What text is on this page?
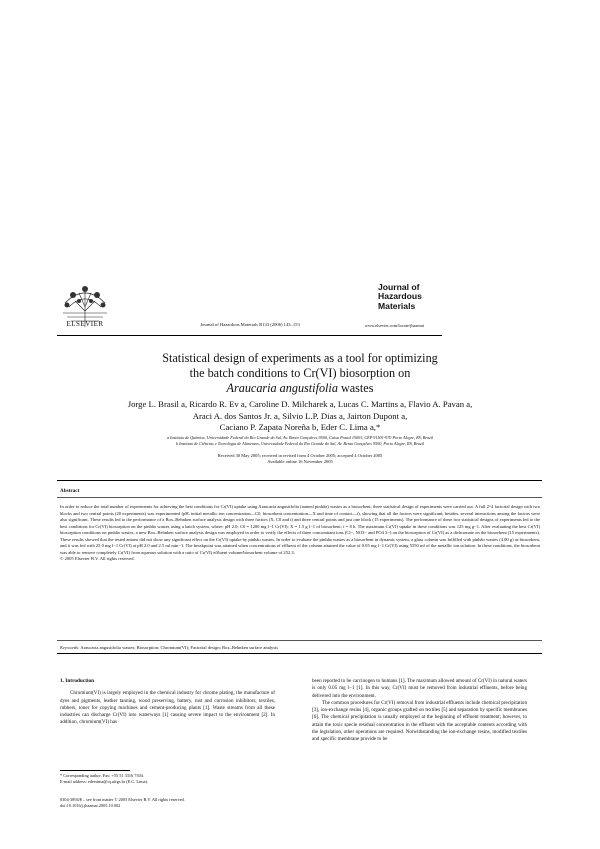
ELSEVIER	Journal of Hazardous Materials B133 (2006) 143–153
Journal of
Hazardous
Materials
www.elsevier.com/locate/jhazmat
Statistical design of experiments as a tool for optimizing
the batch conditions to Cr(VI) biosorption on
Araucaria angustifolia wastes
Jorge L. Brasil a, Ricardo R. Ev a, Caroline D. Milcharek a, Lucas C. Martins a, Flavio A. Pavan a,
Araci A. dos Santos Jr. a, Silvio L.P. Dias a, Jairton Dupont a,
Caciano P. Zapata Noreña b, Eder C. Lima a,*
a Instituto de Química, Universidade Federal do Rio Grande do Sul, Av. Bento Gonçalves 9500, Caixa Postal 15003, CEP 91501-970 Porto Alegre, RS, Brazil
b Instituto de Ciências e Tecnologia de Alimentos, Universidade Federal do Rio Grande do Sul, Av. Bento Gonçalves 9500, Porto Alegre, RS, Brazil
Received 30 May 2005; received in revised form 4 October 2005; accepted 4 October 2005
Available online 16 November 2005
Abstract
In order to reduce the total number of experiments for achieving the best conditions for Cr(VI) uptake using Araucaria angustifolia (named pinhão) wastes as a biosorbent, three statistical design of experiments were carried out. A full 2^4 factorial design with two blocks and two central points (20 experiments) was experimented (pH, initial metallic ion concentration—C0, biosorbent concentration—X and time of contact—t), showing that all the factors were significant; besides, several interactions among the factors were also significant. These results led to the performance of a Box–Behnken surface analysis design with three factors (X, C0 and t) and three central points and just one block (15 experiments). The performance of these two statistical designs of experiments led to the best conditions for Cr(VI) biosorption on the pinhão wastes using a batch system, where: pH 2.0; C0 = 1200 mg l−1 Cr(VI); X = 1.5 g l−1 of biosorbent; t = 8 h. The maximum Cr(VI) uptake in these conditions was 125 mg g−1. After evaluating the best Cr(VI) biosorption conditions on pinhão wastes, a new Box–Behnken surface analysis design was employed in order to verify the effects of three concomitant ions (Cl−, NO3− and PO4 3−) on the biosorption of Cr(VI) as a dichromate on the biosorbent (15 experiments). These results showed that the tested anions did not show any significant effect on the Cr(VI) uptake by pinhão wastes. In order to evaluate the pinhão wastes as a biosorbent in dynamic system, a glass column was fulfilled with pinhão wastes (4.00 g) as biosorbent, and it was fed with 25.0 mg l−1 Cr(VI) at pH 2.0 and 2.5 ml min−1. The breakpoint was attained when concentrations of effluent of the column attained the value of 0.05 mg l−1 Cr(VI) using 5550 ml of the metallic ion solution. In these conditions, the biosorbent was able to remove completely Cr(VI) from aqueous solution with a ratio of Cr(VI) effluent volume/biosorbent volume of 252.3.
© 2005 Elsevier B.V. All rights reserved.
Keywords: Araucaria angustifolia wastes; Biosorption; Chromium(VI); Factorial design; Box–Behnken surface analysis
1. Introduction

Chromium(VI) is largely employed in the chemical industry for chrome plating, the manufacture of dyes and pigments, leather tanning, wood preserving, battery, rust and corrosion inhibitors, textiles, rubbers, toner for copying machines and cement-producing plants [1]. Waste streams from all these industries can discharge Cr(VI) into waterways [1] causing severe impact to the environment [2]. In addition, chromium(VI) has

been reported to be carcinogen to humans [1]. The maximum allowed amount of Cr(VI) in natural waters is only 0.05 mg l−1 [1]. In this way, Cr(VI) must be removed from industrial effluents, before being delivered into the environment.

The common procedures for Cr(VI) removal from industrial effluents include chemical precipitation [3], ion-exchange resins [4], organic groups grafted on textiles [5] and separation by specific membranes [6]. The chemical precipitation is usually employed at the beginning of effluent treatment; however, to attain the toxic specie residual concentration in the effluent with the acceptable contents according with the legislation, other operations are required. Notwithstanding the ion-exchange resins, modified textiles and specific membrane provide to be

* Corresponding author. Fax: +55 51 3316 7304.
E-mail address: edersima@iq.ufrgs.br (E.C. Lima).
0304-3894/$ – see front matter © 2005 Elsevier B.V. All rights reserved.
doi:10.1016/j.jhazmat.2005.10.002
